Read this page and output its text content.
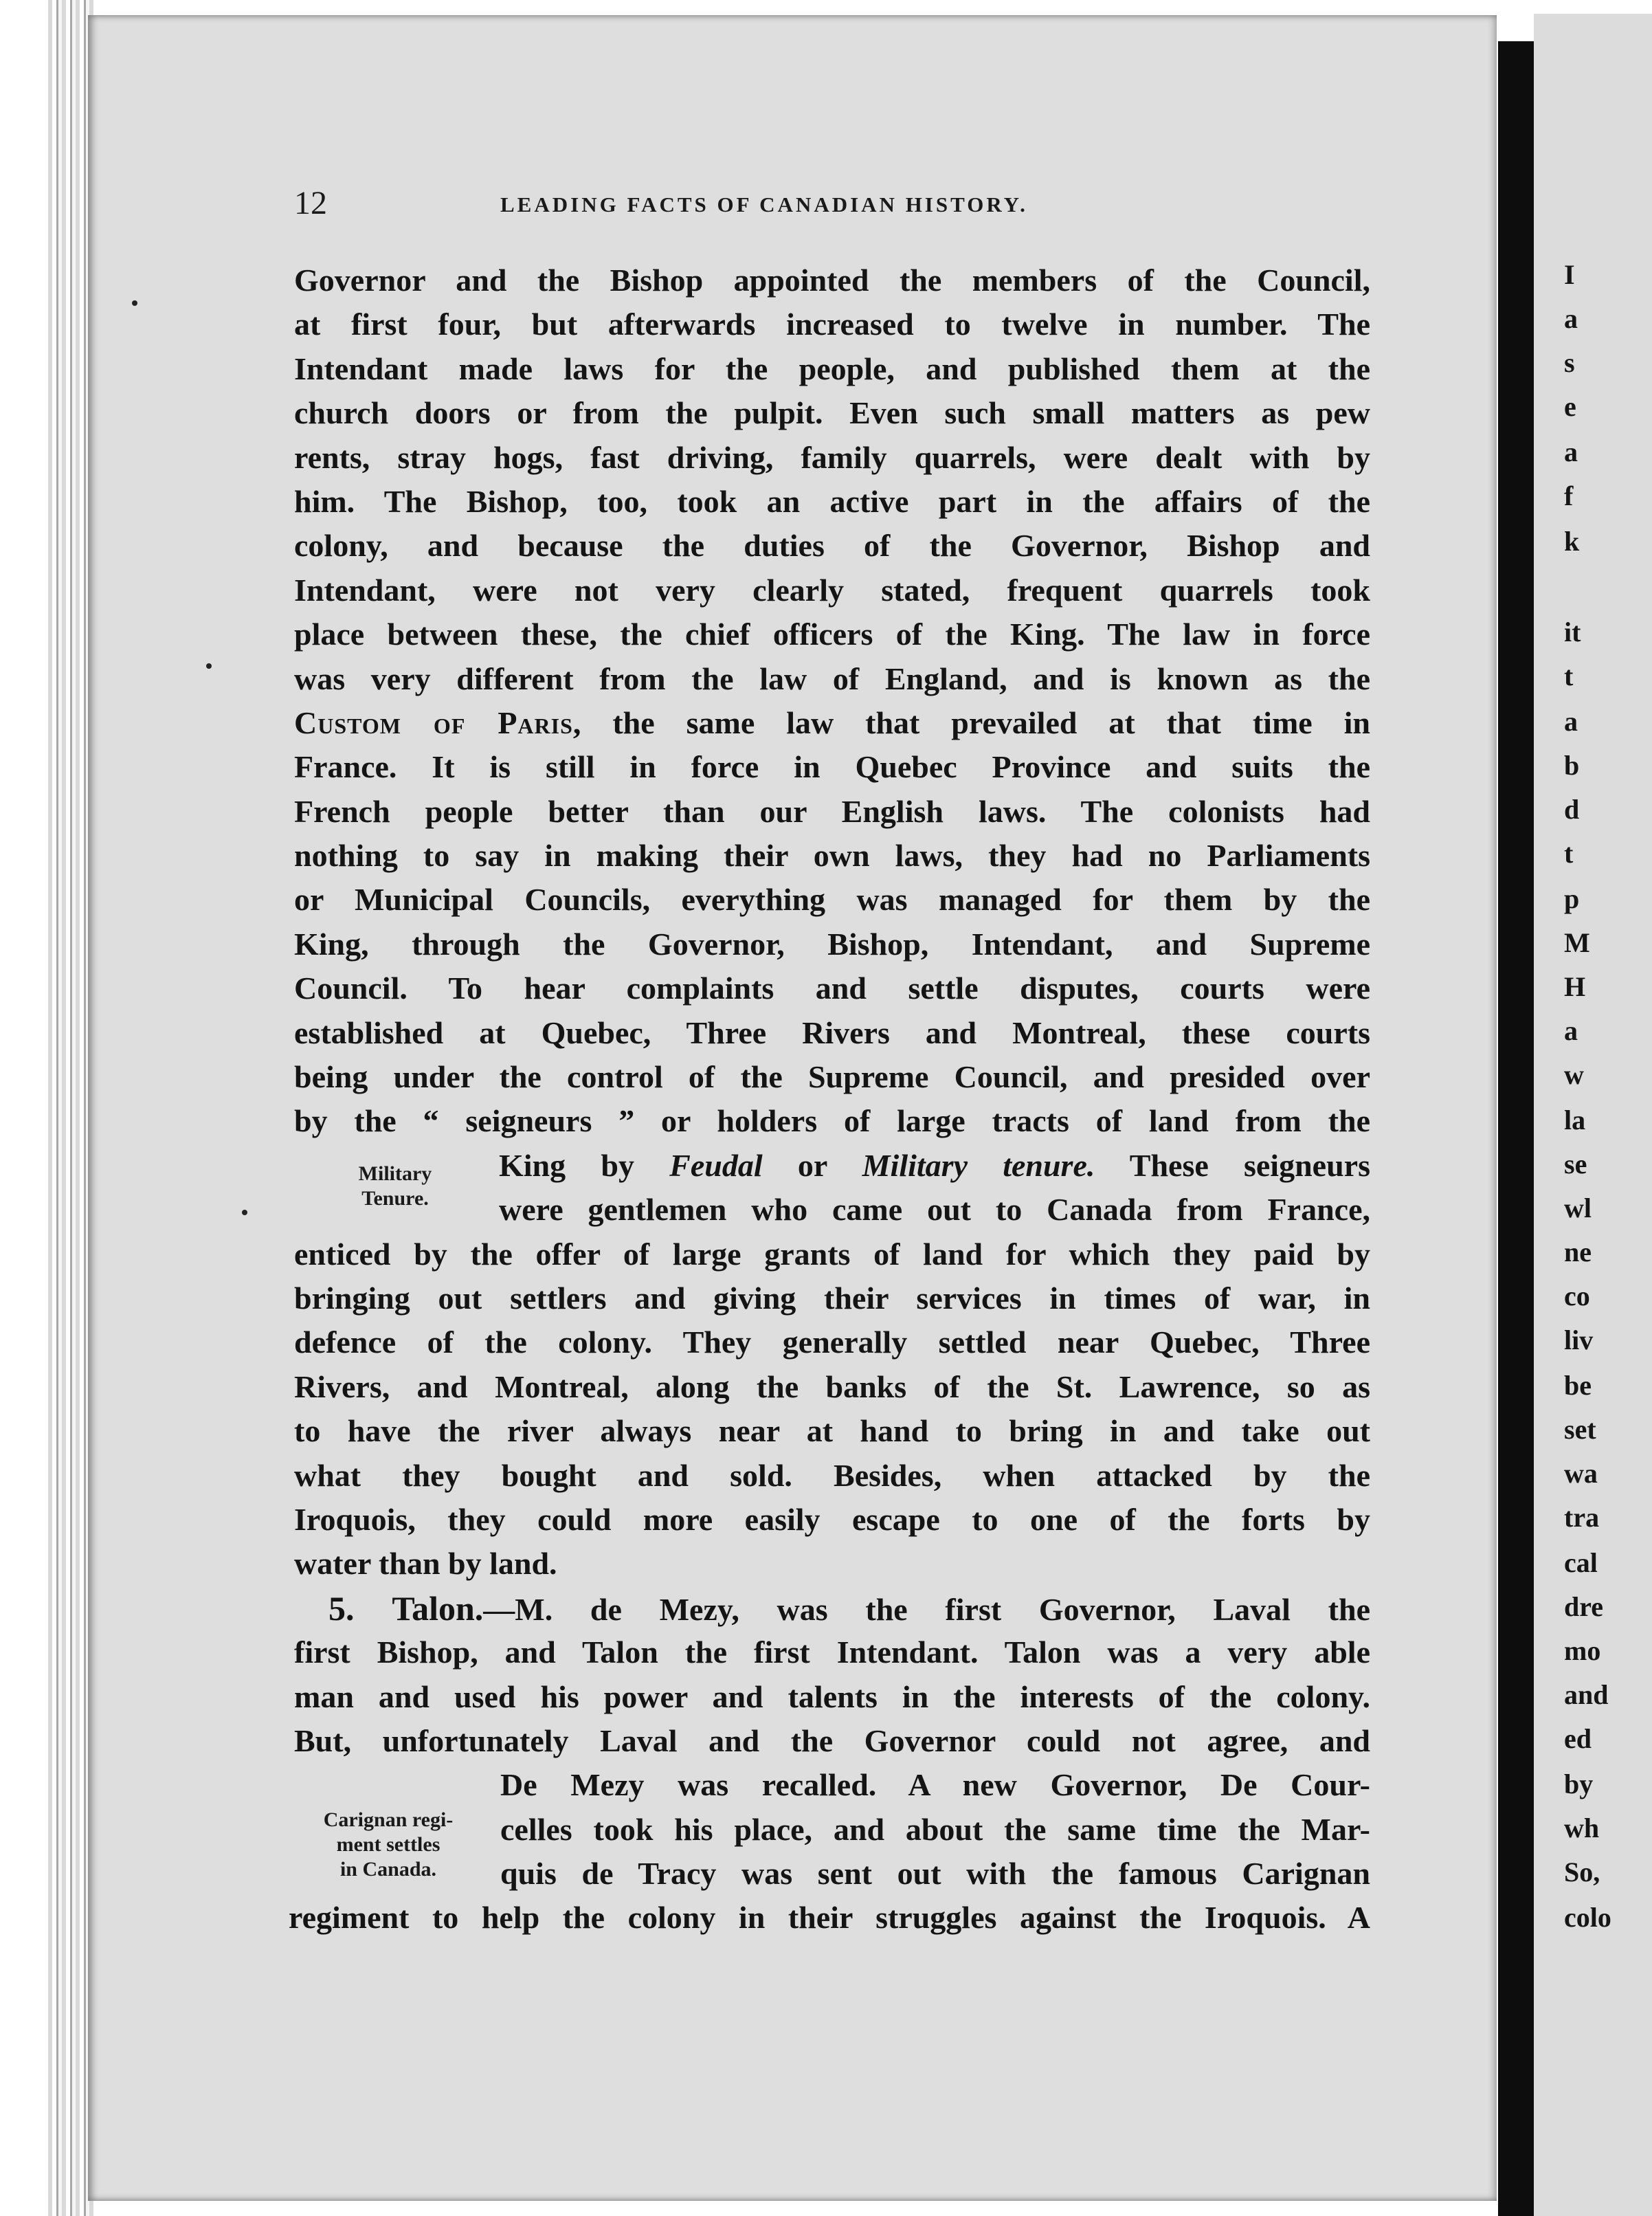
12	LEADING FACTS OF CANADIAN HISTORY.
Governor and the Bishop appointed the members of the Council,
at first four, but afterwards increased to twelve in number. The
Intendant made laws for the people, and published them at the
church doors or from the pulpit. Even such small matters as pew
rents, stray hogs, fast driving, family quarrels, were dealt with by
him. The Bishop, too, took an active part in the affairs of the
colony, and because the duties of the Governor, Bishop and
Intendant, were not very clearly stated, frequent quarrels took
place between these, the chief officers of the King. The law in force
was very different from the law of England, and is known as the
Custom of Paris, the same law that prevailed at that time in
France. It is still in force in Quebec Province and suits the
French people better than our English laws. The colonists had
nothing to say in making their own laws, they had no Parliaments
or Municipal Councils, everything was managed for them by the
King, through the Governor, Bishop, Intendant, and Supreme
Council. To hear complaints and settle disputes, courts were
established at Quebec, Three Rivers and Montreal, these courts
being under the control of the Supreme Council, and presided over
by the “ seigneurs ” or holders of large tracts of land from the
King by Feudal or Military tenure. These seigneurs
were gentlemen who came out to Canada from France,
enticed by the offer of large grants of land for which they paid by
bringing out settlers and giving their services in times of war, in
defence of the colony. They generally settled near Quebec, Three
Rivers, and Montreal, along the banks of the St. Lawrence, so as
to have the river always near at hand to bring in and take out
what they bought and sold. Besides, when attacked by the
Iroquois, they could more easily escape to one of the forts by
water than by land.
5. Talon.—M. de Mezy, was the first Governor, Laval the
first Bishop, and Talon the first Intendant. Talon was a very able
man and used his power and talents in the interests of the colony.
But, unfortunately Laval and the Governor could not agree, and
De Mezy was recalled. A new Governor, De Cour-
celles took his place, and about the same time the Mar-
quis de Tracy was sent out with the famous Carignan
regiment to help the colony in their struggles against the Iroquois. A
Military
Tenure.
Carignan regi-
ment settles
in Canada.

I

a

s

e

a

f

k

it

t

a

b

d

t

p

M

H

a

w

la

se

wl

ne

co

liv

be

set

wa

tra

cal

dre

mo

and

ed

by

wh

So,

colo
